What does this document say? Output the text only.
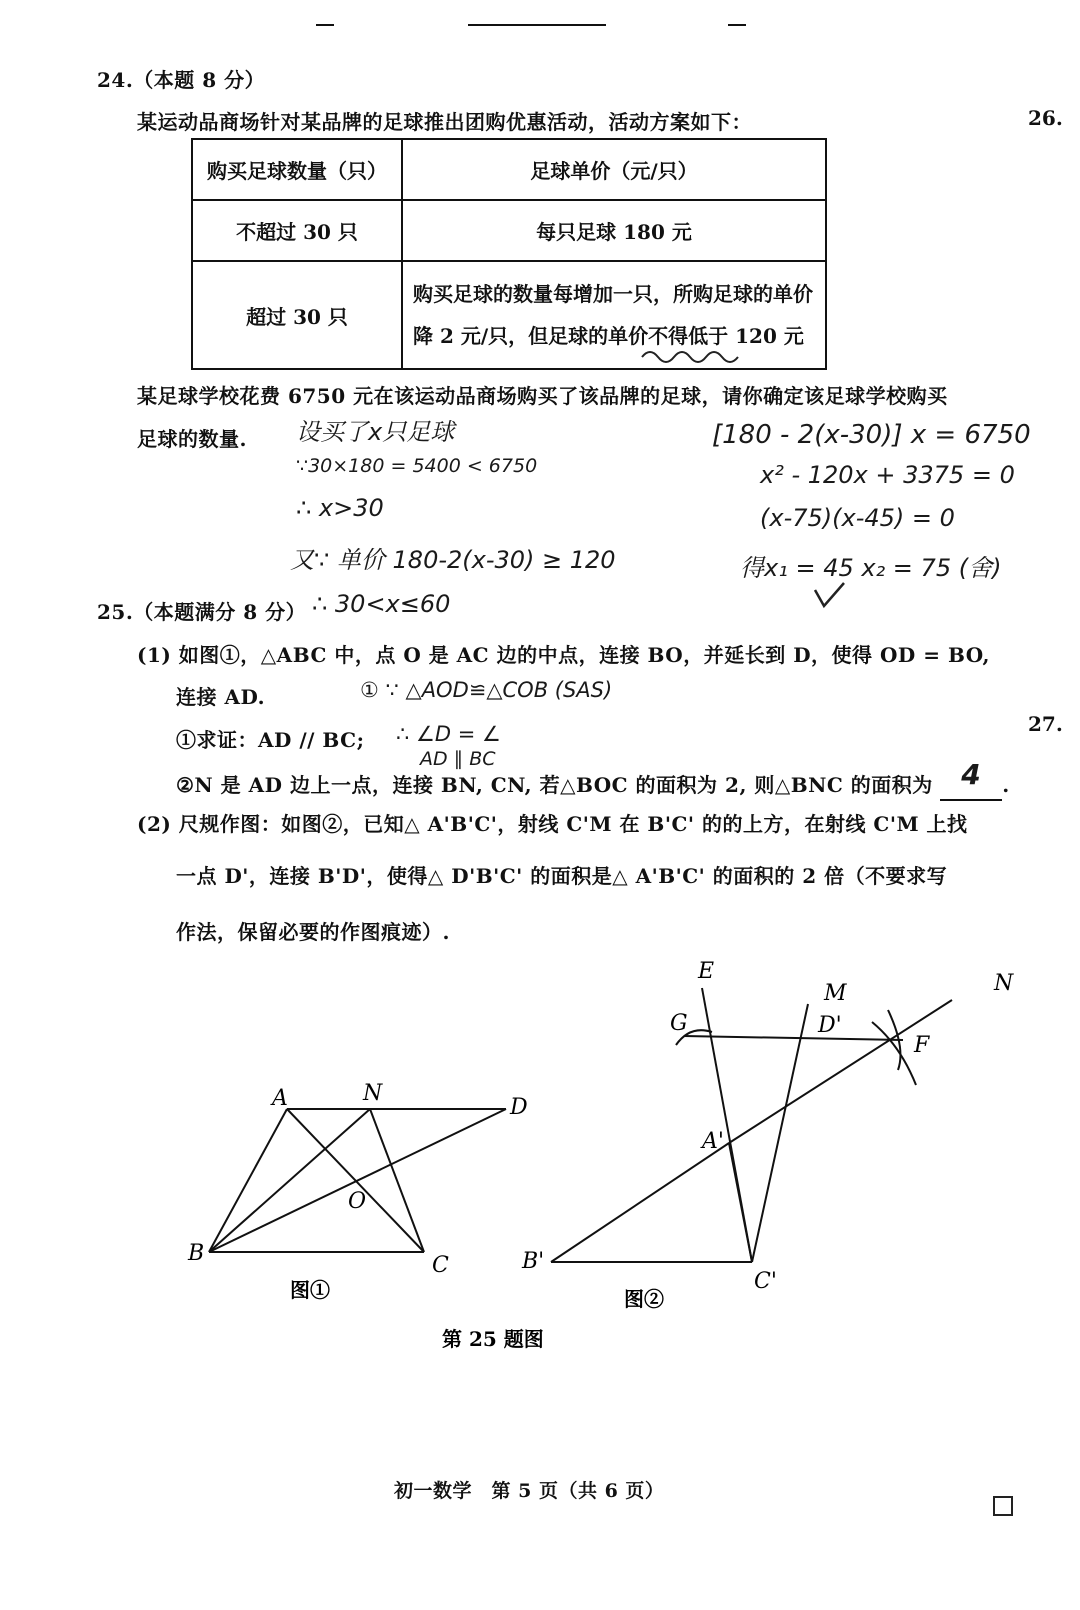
26.
27.
24.（本题 8 分）
某运动品商场针对某品牌的足球推出团购优惠活动，活动方案如下：
购买足球数量（只）	足球单价（元/只）
不超过 30 只	每只足球 180 元
超过 30 只	购买足球的数量每增加一只，所购足球的单价
降 2 元/只，但足球的单价不得低于 120 元
某足球学校花费 6750 元在该运动品商场购买了该品牌的足球，请你确定该足球学校购买
足球的数量. 设买了x只足球
∵30×180 = 5400 < 6750
∴ x>30
又∵ 单价 180-2(x-30) ≥ 120
∴ 30<x≤60
[180 - 2(x-30)] x = 6750
x² - 120x + 3375 = 0
(x-75)(x-45) = 0
得x₁ = 45 x₂ = 75 (舍)
25.（本题满分 8 分）
(1) 如图①，△ABC 中，点 O 是 AC 边的中点，连接 BO，并延长到 D，使得 OD = BO,
连接 AD.
①求证：AD // BC;
②N 是 AD 边上一点，连接 BN, CN, 若△BOC 的面积为 2, 则△BNC 的面积为 4 .
① ∵ △AOD≌△COB (SAS)
∴ ∠D = ∠
AD ∥ BC
(2) 尺规作图：如图②，已知△ A'B'C'，射线 C'M 在 B'C' 的的上方，在射线 C'M 上找
一点 D'，连接 B'D'，使得△ D'B'C' 的面积是△ A'B'C' 的面积的 2 倍（不要求写
作法，保留必要的作图痕迹）.
A	N
D
O
B	C
图①
E
M	N
G	D'
F
A'
B'
C'
图②
第 25 题图
初一数学　第 5 页（共 6 页）
